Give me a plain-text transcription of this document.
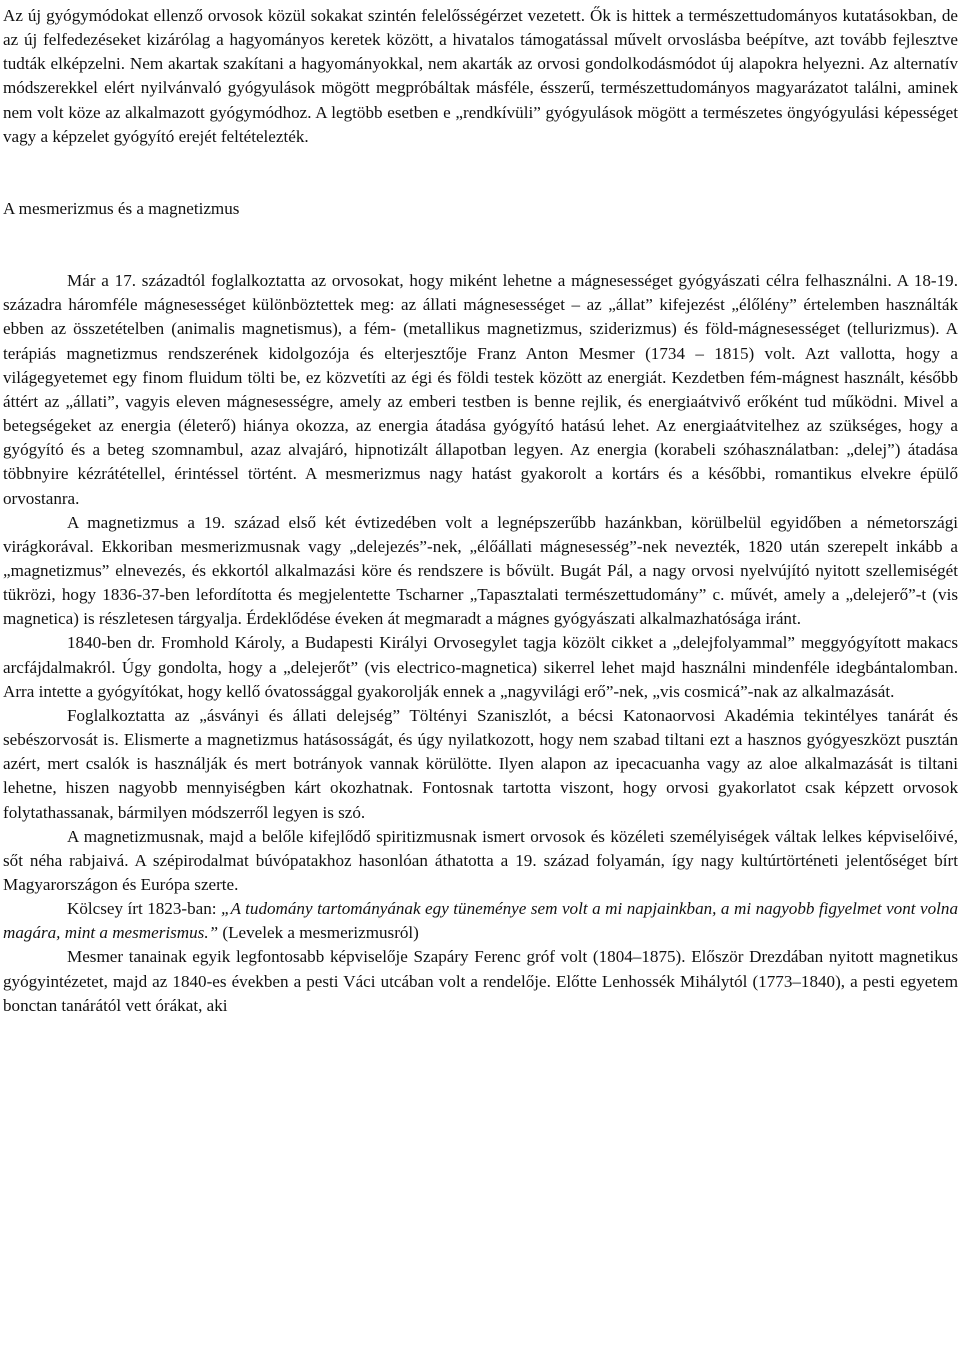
Az új gyógymódokat ellenző orvosok közül sokakat szintén felelősségérzet vezetett. Ők is hittek a természettudományos kutatásokban, de az új felfedezéseket kizárólag a hagyományos keretek között, a hivatalos támogatással művelt orvoslásba beépítve, azt tovább fejlesztve tudták elképzelni. Nem akartak szakítani a hagyományokkal, nem akarták az orvosi gondolkodásmódot új alapokra helyezni. Az alternatív módszerekkel elért nyilvánvaló gyógyulások mögött megpróbáltak másféle, ésszerű, természettudományos magyarázatot találni, aminek nem volt köze az alkalmazott gyógymódhoz. A legtöbb esetben e „rendkívüli” gyógyulások mögött a természetes öngyógyulási képességet vagy a képzelet gyógyító erejét feltételezték.

A mesmerizmus és a magnetizmus

Már a 17. századtól foglalkoztatta az orvosokat, hogy miként lehetne a mágnesességet gyógyászati célra felhasználni. A 18-19. századra háromféle mágnesességet különböztettek meg: az állati mágnesességet – az „állat” kifejezést „élőlény” értelemben használták ebben az összetételben (animalis magnetismus), a fém- (metallikus magnetizmus, sziderizmus) és föld-mágnesességet (tellurizmus). A terápiás magnetizmus rendszerének kidolgozója és elterjesztője Franz Anton Mesmer (1734 – 1815) volt. Azt vallotta, hogy a világegyetemet egy finom fluidum tölti be, ez közvetíti az égi és földi testek között az energiát. Kezdetben fém-mágnest használt, később áttért az „állati”, vagyis eleven mágnesességre, amely az emberi testben is benne rejlik, és energiaátvivő erőként tud működni. Mivel a betegségeket az energia (életerő) hiánya okozza, az energia átadása gyógyító hatású lehet. Az energiaátvitelhez az szükséges, hogy a gyógyító és a beteg szomnambul, azaz alvajáró, hipnotizált állapotban legyen. Az energia (korabeli szóhasználatban: „delej”) átadása többnyire kézrátétellel, érintéssel történt. A mesmerizmus nagy hatást gyakorolt a kortárs és a későbbi, romantikus elvekre épülő orvostanra.

A magnetizmus a 19. század első két évtizedében volt a legnépszerűbb hazánkban, körülbelül egyidőben a németországi virágkorával. Ekkoriban mesmerizmusnak vagy „delejezés”-nek, „élőállati mágnesesség”-nek nevezték, 1820 után szerepelt inkább a „magnetizmus” elnevezés, és ekkortól alkalmazási köre és rendszere is bővült. Bugát Pál, a nagy orvosi nyelvújító nyitott szellemiségét tükrözi, hogy 1836-37-ben lefordította és megjelentette Tscharner „Tapasztalati természettudomány” c. művét, amely a „delejerő”-t (vis magnetica) is részletesen tárgyalja. Érdeklődése éveken át megmaradt a mágnes gyógyászati alkalmazhatósága iránt.

1840-ben dr. Fromhold Károly, a Budapesti Királyi Orvosegylet tagja közölt cikket a „delejfolyammal” meggyógyított makacs arcfájdalmakról. Úgy gondolta, hogy a „delejerőt” (vis electrico-magnetica) sikerrel lehet majd használni mindenféle idegbántalomban. Arra intette a gyógyítókat, hogy kellő óvatossággal gyakorolják ennek a „nagyvilági erő”-nek, „vis cosmicá”-nak az alkalmazását.

Foglalkoztatta az „ásványi és állati delejség” Töltényi Szaniszlót, a bécsi Katonaorvosi Akadémia tekintélyes tanárát és sebészorvosát is. Elismerte a magnetizmus hatásosságát, és úgy nyilatkozott, hogy nem szabad tiltani ezt a hasznos gyógyeszközt pusztán azért, mert csalók is használják és mert botrányok vannak körülötte. Ilyen alapon az ipecacuanha vagy az aloe alkalmazását is tiltani lehetne, hiszen nagyobb mennyiségben kárt okozhatnak. Fontosnak tartotta viszont, hogy orvosi gyakorlatot csak képzett orvosok folytathassanak, bármilyen módszerről legyen is szó.

A magnetizmusnak, majd a belőle kifejlődő spiritizmusnak ismert orvosok és közéleti személyiségek váltak lelkes képviselőivé, sőt néha rabjaivá. A szépirodalmat búvópatakhoz hasonlóan áthatotta a 19. század folyamán, így nagy kultúrtörténeti jelentőséget bírt Magyarországon és Európa szerte.

Kölcsey írt 1823-ban: „A tudomány tartományának egy tüneménye sem volt a mi napjainkban, a mi nagyobb figyelmet vont volna magára, mint a mesmerismus.” (Levelek a mesmerizmusról)

Mesmer tanainak egyik legfontosabb képviselője Szapáry Ferenc gróf volt (1804–1875). Először Drezdában nyitott magnetikus gyógyintézetet, majd az 1840-es években a pesti Váci utcában volt a rendelője. Előtte Lenhossék Mihálytól (1773–1840), a pesti egyetem bonctan tanárától vett órákat, aki
